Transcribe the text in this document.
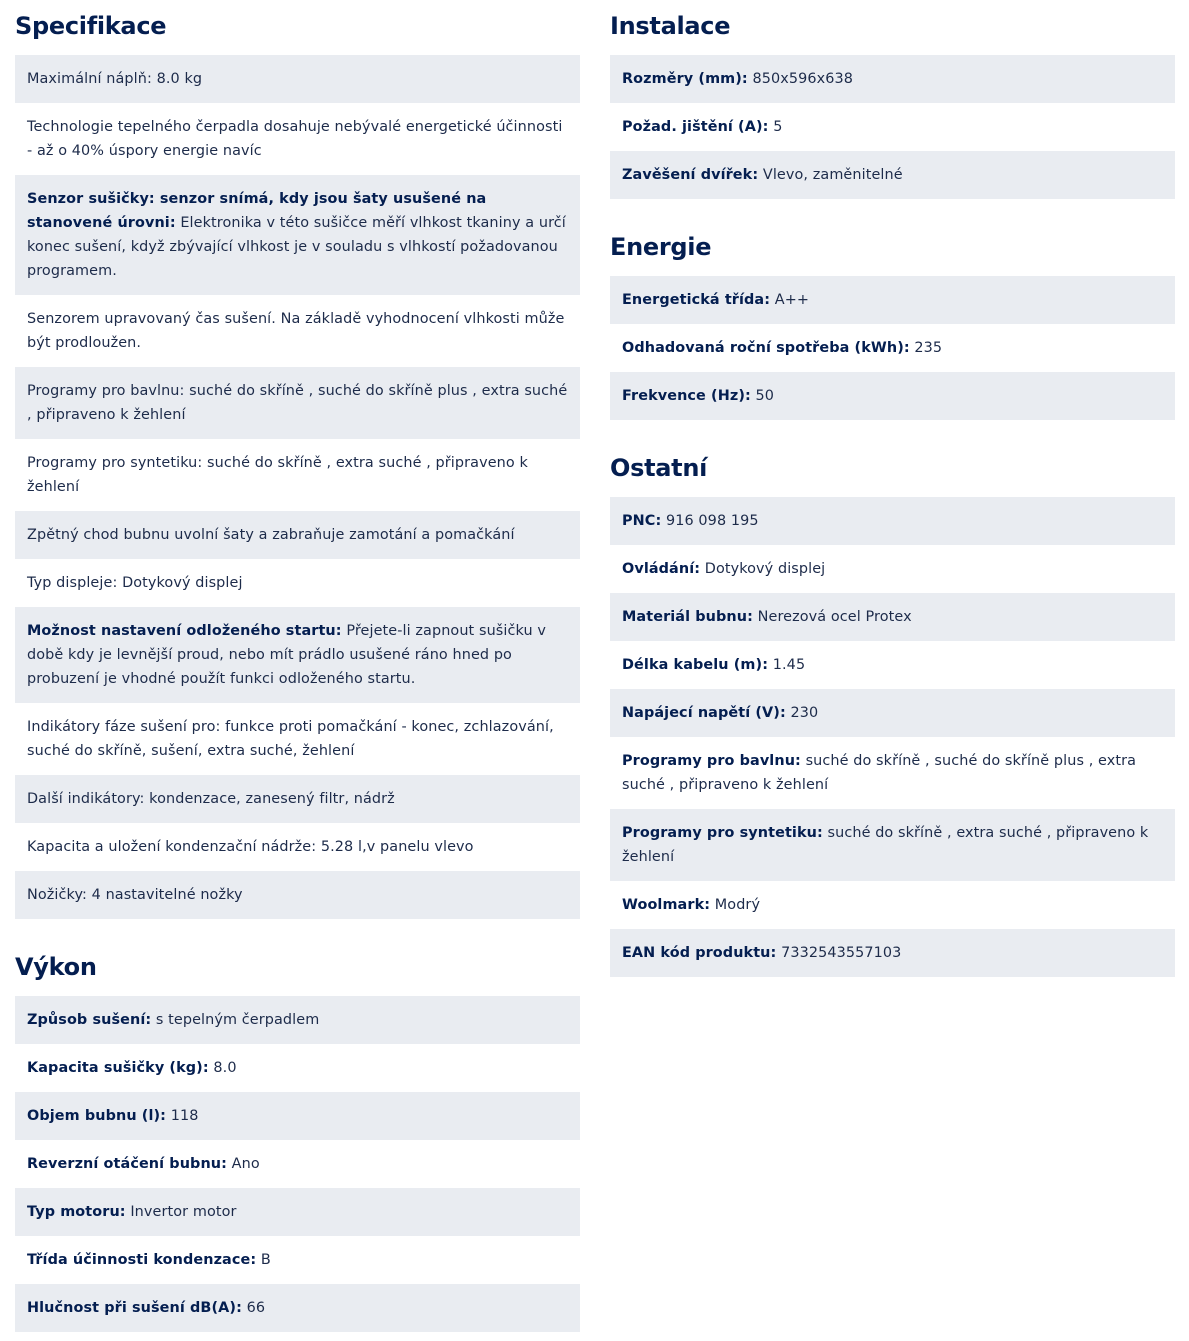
Specifikace
Maximální náplň: 8.0 kg
Technologie tepelného čerpadla dosahuje nebývalé energetické účinnosti - až o 40% úspory energie navíc
Senzor sušičky: senzor snímá, kdy jsou šaty usušené na stanovené úrovni: Elektronika v této sušičce měří vlhkost tkaniny a určí konec sušení, když zbývající vlhkost je v souladu s vlhkostí požadovanou programem.
Senzorem upravovaný čas sušení. Na základě vyhodnocení vlhkosti může být prodloužen.
Programy pro bavlnu: suché do skříně , suché do skříně plus , extra suché , připraveno k žehlení
Programy pro syntetiku: suché do skříně , extra suché , připraveno k žehlení
Zpětný chod bubnu uvolní šaty a zabraňuje zamotání a pomačkání
Typ displeje: Dotykový displej
Možnost nastavení odloženého startu: Přejete-li zapnout sušičku v době kdy je levnější proud, nebo mít prádlo usušené ráno hned po probuzení je vhodné použít funkci odloženého startu.
Indikátory fáze sušení pro: funkce proti pomačkání - konec, zchlazování, suché do skříně, sušení, extra suché, žehlení
Další indikátory: kondenzace, zanesený filtr, nádrž
Kapacita a uložení kondenzační nádrže: 5.28 l,v panelu vlevo
Nožičky: 4 nastavitelné nožky
Výkon
Způsob sušení: s tepelným čerpadlem
Kapacita sušičky (kg): 8.0
Objem bubnu (l): 118
Reverzní otáčení bubnu: Ano
Typ motoru: Invertor motor
Třída účinnosti kondenzace: B
Hlučnost při sušení dB(A): 66
Instalace
Rozměry (mm): 850x596x638
Požad. jištění (A): 5
Zavěšení dvířek: Vlevo, zaměnitelné
Energie
Energetická třída: A++
Odhadovaná roční spotřeba (kWh): 235
Frekvence (Hz): 50
Ostatní
PNC: 916 098 195
Ovládání: Dotykový displej
Materiál bubnu: Nerezová ocel Protex
Délka kabelu (m): 1.45
Napájecí napětí (V): 230
Programy pro bavlnu: suché do skříně , suché do skříně plus , extra suché , připraveno k žehlení
Programy pro syntetiku: suché do skříně , extra suché , připraveno k žehlení
Woolmark: Modrý
EAN kód produktu: 7332543557103
